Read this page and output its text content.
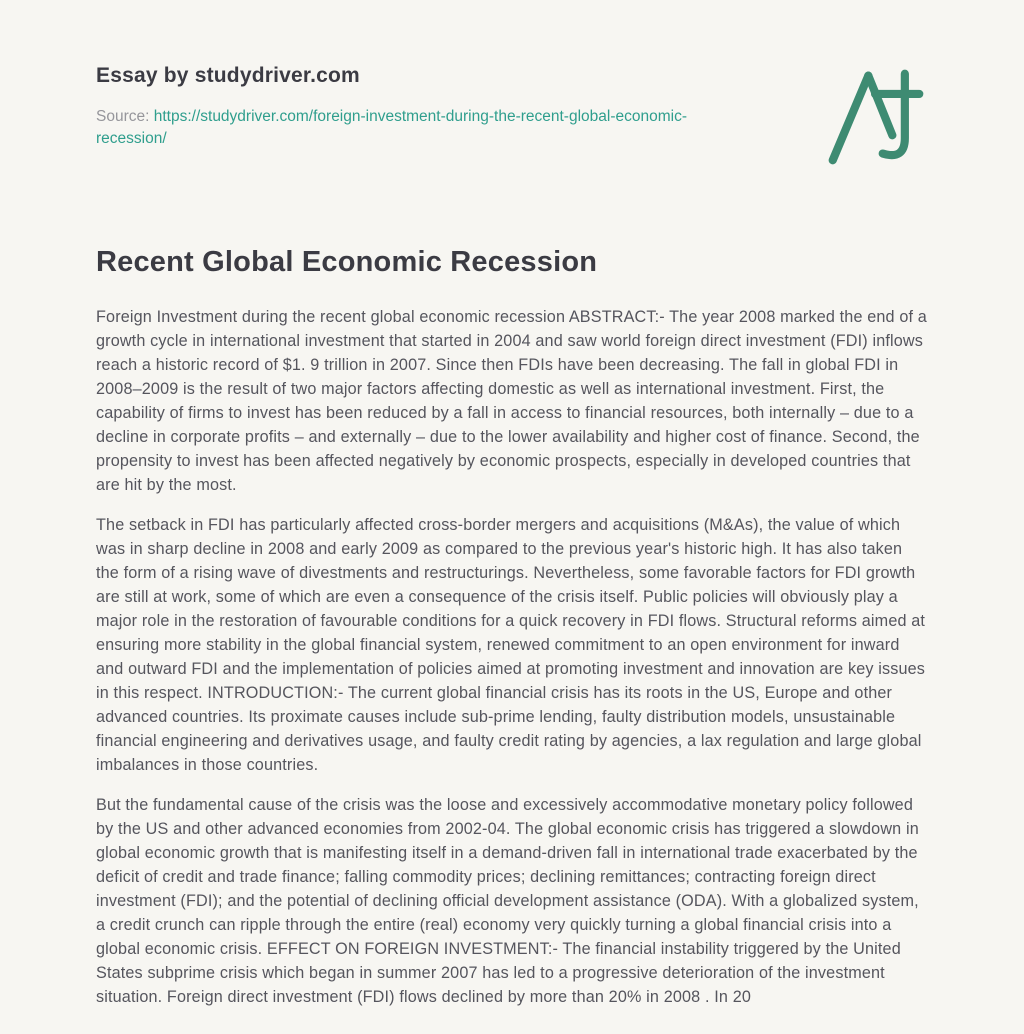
Essay by studydriver.com

Source: https://studydriver.com/foreign-investment-during-the-recent-global-economic-recession/

Recent Global Economic Recession

Foreign Investment during the recent global economic recession ABSTRACT:- The year 2008 marked the end of a growth cycle in international investment that started in 2004 and saw world foreign direct investment (FDI) inflows reach a historic record of $1. 9 trillion in 2007. Since then FDIs have been decreasing. The fall in global FDI in 2008–2009 is the result of two major factors affecting domestic as well as international investment. First, the capability of firms to invest has been reduced by a fall in access to financial resources, both internally – due to a decline in corporate profits – and externally – due to the lower availability and higher cost of finance. Second, the propensity to invest has been affected negatively by economic prospects, especially in developed countries that are hit by the most.

The setback in FDI has particularly affected cross-border mergers and acquisitions (M&As), the value of which was in sharp decline in 2008 and early 2009 as compared to the previous year's historic high. It has also taken the form of a rising wave of divestments and restructurings. Nevertheless, some favorable factors for FDI growth are still at work, some of which are even a consequence of the crisis itself. Public policies will obviously play a major role in the restoration of favourable conditions for a quick recovery in FDI flows. Structural reforms aimed at ensuring more stability in the global financial system, renewed commitment to an open environment for inward and outward FDI and the implementation of policies aimed at promoting investment and innovation are key issues in this respect. INTRODUCTION:- The current global financial crisis has its roots in the US, Europe and other advanced countries. Its proximate causes include sub-prime lending, faulty distribution models, unsustainable financial engineering and derivatives usage, and faulty credit rating by agencies, a lax regulation and large global imbalances in those countries.

But the fundamental cause of the crisis was the loose and excessively accommodative monetary policy followed by the US and other advanced economies from 2002-04. The global economic crisis has triggered a slowdown in global economic growth that is manifesting itself in a demand-driven fall in international trade exacerbated by the deficit of credit and trade finance; falling commodity prices; declining remittances; contracting foreign direct investment (FDI); and the potential of declining official development assistance (ODA). With a globalized system, a credit crunch can ripple through the entire (real) economy very quickly turning a global financial crisis into a global economic crisis. EFFECT ON FOREIGN INVESTMENT:- The financial instability triggered by the United States subprime crisis which began in summer 2007 has led to a progressive deterioration of the investment situation. Foreign direct investment (FDI) flows declined by more than 20% in 2008 . In 20
